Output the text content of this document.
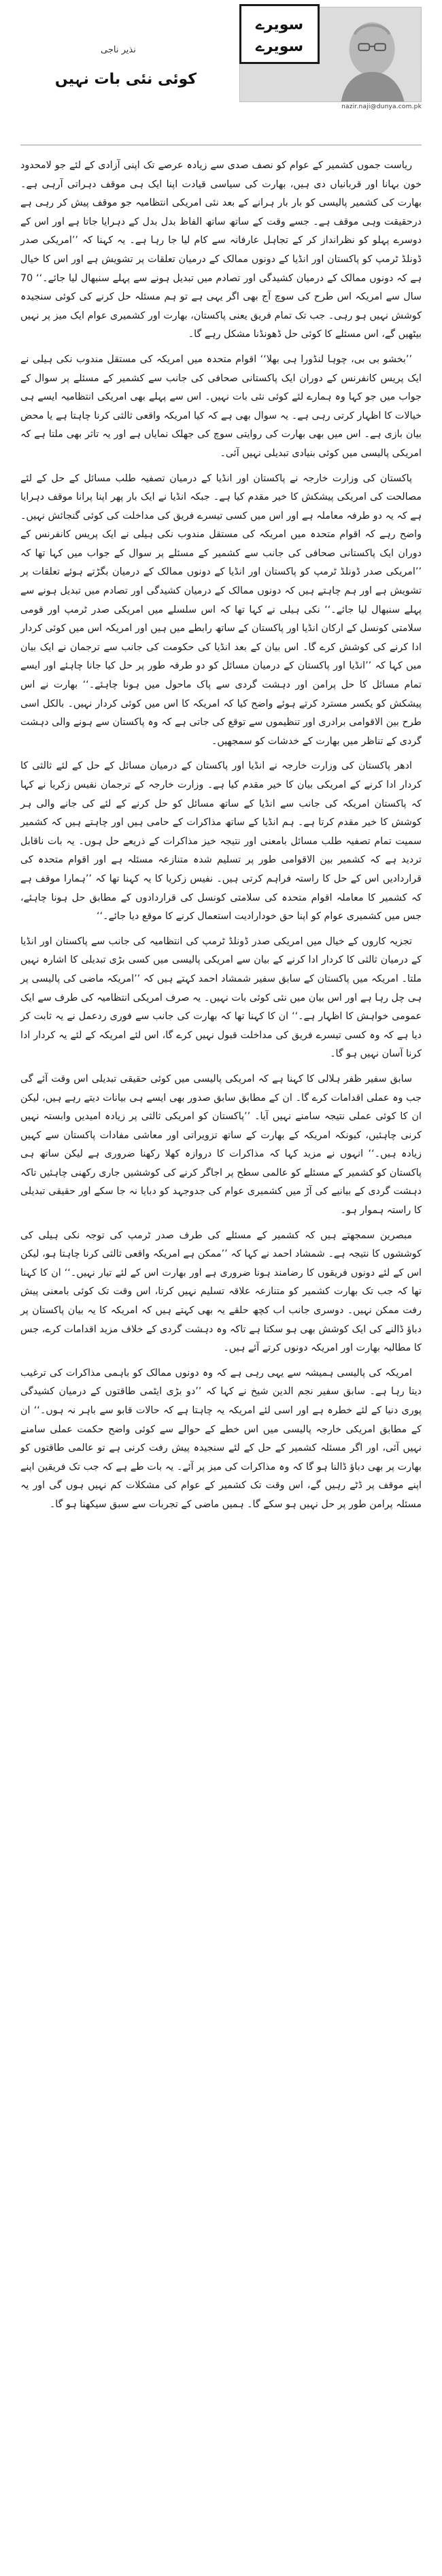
سویرے
سویرے
nazir.naji@dunya.com.pk
نذیر ناجی
کوئی نئی بات نہیں

ریاست جموں کشمیر کے عوام کو نصف صدی سے زیادہ عرصے تک اپنی آزادی کے لئے جو لامحدود خون بہانا اور قربانیاں دی ہیں، بھارت کی سیاسی قیادت اپنا ایک ہی موقف دہراتی آرہی ہے۔ بھارت کی کشمیر پالیسی کو بار بار ہرانے کے بعد نئی امریکی انتظامیہ جو موقف پیش کر رہی ہے درحقیقت وہی موقف ہے۔ جسے وقت کے ساتھ ساتھ الفاظ بدل بدل کے دہرایا جاتا ہے اور اس کے دوسرے پہلو کو نظرانداز کر کے تجاہل عارفانہ سے کام لیا جا رہا ہے۔ یہ کہنا کہ ’’امریکی صدر ڈونلڈ ٹرمپ کو پاکستان اور انڈیا کے دونوں ممالک کے درمیان تعلقات پر تشویش ہے اور اس کا خیال ہے کہ دونوں ممالک کے درمیان کشیدگی اور تصادم میں تبدیل ہونے سے پہلے سنبھال لیا جائے۔‘‘ 70 سال سے امریکہ اس طرح کی سوچ آج بھی اگر یہی ہے تو ہم مسئلہ حل کرنے کی کوئی سنجیدہ کوشش نہیں ہو رہی۔ جب تک تمام فریق یعنی پاکستان، بھارت اور کشمیری عوام ایک میز پر نہیں بیٹھیں گے، اس مسئلے کا کوئی حل ڈھونڈنا مشکل رہے گا۔

’’بخشو بی بی، چوہا لنڈورا ہی بھلا‘‘ اقوام متحدہ میں امریکہ کی مستقل مندوب نکی ہیلی نے ایک پریس کانفرنس کے دوران ایک پاکستانی صحافی کی جانب سے کشمیر کے مسئلے پر سوال کے جواب میں جو کہا وہ ہمارے لئے کوئی نئی بات نہیں۔ اس سے پہلے بھی امریکی انتظامیہ ایسے ہی خیالات کا اظہار کرتی رہی ہے۔ یہ سوال بھی ہے کہ کیا امریکہ واقعی ثالثی کرنا چاہتا ہے یا محض بیان بازی ہے۔ اس میں بھی بھارت کی روایتی سوچ کی جھلک نمایاں ہے اور یہ تاثر بھی ملتا ہے کہ امریکی پالیسی میں کوئی بنیادی تبدیلی نہیں آئی۔

پاکستان کی وزارت خارجہ نے پاکستان اور انڈیا کے درمیان تصفیہ طلب مسائل کے حل کے لئے مصالحت کی امریکی پیشکش کا خیر مقدم کیا ہے۔ جبکہ انڈیا نے ایک بار پھر اپنا پرانا موقف دہرایا ہے کہ یہ دو طرفہ معاملہ ہے اور اس میں کسی تیسرے فریق کی مداخلت کی کوئی گنجائش نہیں۔ واضح رہے کہ اقوام متحدہ میں امریکہ کی مستقل مندوب نکی ہیلی نے ایک پریس کانفرنس کے دوران ایک پاکستانی صحافی کی جانب سے کشمیر کے مسئلے پر سوال کے جواب میں کہا تھا کہ ’’امریکی صدر ڈونلڈ ٹرمپ کو پاکستان اور انڈیا کے دونوں ممالک کے درمیان بگڑتے ہوئے تعلقات پر تشویش ہے اور ہم چاہتے ہیں کہ دونوں ممالک کے درمیان کشیدگی اور تصادم میں تبدیل ہونے سے پہلے سنبھال لیا جائے۔‘‘ نکی ہیلی نے کہا تھا کہ اس سلسلے میں امریکی صدر ٹرمپ اور قومی سلامتی کونسل کے ارکان انڈیا اور پاکستان کے ساتھ رابطے میں ہیں اور امریکہ اس میں کوئی کردار ادا کرنے کی کوشش کرے گا۔ اس بیان کے بعد انڈیا کی حکومت کی جانب سے ترجمان نے ایک بیان میں کہا کہ ’’انڈیا اور پاکستان کے درمیان مسائل کو دو طرفہ طور پر حل کیا جانا چاہئے اور ایسے تمام مسائل کا حل پرامن اور دہشت گردی سے پاک ماحول میں ہونا چاہئے۔‘‘ بھارت نے اس پیشکش کو یکسر مسترد کرتے ہوئے واضح کیا کہ امریکہ کا اس میں کوئی کردار نہیں۔ بالکل اسی طرح بین الاقوامی برادری اور تنظیموں سے توقع کی جاتی ہے کہ وہ پاکستان سے ہونے والی دہشت گردی کے تناظر میں بھارت کے خدشات کو سمجھیں۔

ادھر پاکستان کی وزارت خارجہ نے انڈیا اور پاکستان کے درمیان مسائل کے حل کے لئے ثالثی کا کردار ادا کرنے کے امریکی بیان کا خیر مقدم کیا ہے۔ وزارت خارجہ کے ترجمان نفیس زکریا نے کہا کہ پاکستان امریکہ کی جانب سے انڈیا کے ساتھ مسائل کو حل کرنے کے لئے کی جانے والی ہر کوشش کا خیر مقدم کرتا ہے۔ ہم انڈیا کے ساتھ مذاکرات کے حامی ہیں اور چاہتے ہیں کہ کشمیر سمیت تمام تصفیہ طلب مسائل بامعنی اور نتیجہ خیز مذاکرات کے ذریعے حل ہوں۔ یہ بات ناقابل تردید ہے کہ کشمیر بین الاقوامی طور پر تسلیم شدہ متنازعہ مسئلہ ہے اور اقوام متحدہ کی قراردادیں اس کے حل کا راستہ فراہم کرتی ہیں۔ نفیس زکریا کا یہ کہنا تھا کہ ’’ہمارا موقف ہے کہ کشمیر کا معاملہ اقوام متحدہ کی سلامتی کونسل کی قراردادوں کے مطابق حل ہونا چاہئے، جس میں کشمیری عوام کو اپنا حق خودارادیت استعمال کرنے کا موقع دیا جائے۔‘‘

تجزیہ کاروں کے خیال میں امریکی صدر ڈونلڈ ٹرمپ کی انتظامیہ کی جانب سے پاکستان اور انڈیا کے درمیان ثالثی کا کردار ادا کرنے کے بیان سے امریکی پالیسی میں کسی بڑی تبدیلی کا اشارہ نہیں ملتا۔ امریکہ میں پاکستان کے سابق سفیر شمشاد احمد کہتے ہیں کہ ’’امریکہ ماضی کی پالیسی پر ہی چل رہا ہے اور اس بیان میں نئی کوئی بات نہیں۔ یہ صرف امریکی انتظامیہ کی طرف سے ایک عمومی خواہش کا اظہار ہے۔‘‘ ان کا کہنا تھا کہ بھارت کی جانب سے فوری ردعمل نے یہ ثابت کر دیا ہے کہ وہ کسی تیسرے فریق کی مداخلت قبول نہیں کرے گا، اس لئے امریکہ کے لئے یہ کردار ادا کرنا آسان نہیں ہو گا۔

سابق سفیر ظفر ہلالی کا کہنا ہے کہ امریکی پالیسی میں کوئی حقیقی تبدیلی اس وقت آئے گی جب وہ عملی اقدامات کرے گا۔ ان کے مطابق سابق صدور بھی ایسے ہی بیانات دیتے رہے ہیں، لیکن ان کا کوئی عملی نتیجہ سامنے نہیں آیا۔ ’’پاکستان کو امریکی ثالثی پر زیادہ امیدیں وابستہ نہیں کرنی چاہئیں، کیونکہ امریکہ کے بھارت کے ساتھ تزویراتی اور معاشی مفادات پاکستان سے کہیں زیادہ ہیں۔‘‘ انہوں نے مزید کہا کہ مذاکرات کا دروازہ کھلا رکھنا ضروری ہے لیکن ساتھ ہی پاکستان کو کشمیر کے مسئلے کو عالمی سطح پر اجاگر کرنے کی کوششیں جاری رکھنی چاہئیں تاکہ دہشت گردی کے بیانیے کی آڑ میں کشمیری عوام کی جدوجہد کو دبایا نہ جا سکے اور حقیقی تبدیلی کا راستہ ہموار ہو۔

مبصرین سمجھتے ہیں کہ کشمیر کے مسئلے کی طرف صدر ٹرمپ کی توجہ نکی ہیلی کی کوششوں کا نتیجہ ہے۔ شمشاد احمد نے کہا کہ ’’ممکن ہے امریکہ واقعی ثالثی کرنا چاہتا ہو، لیکن اس کے لئے دونوں فریقوں کا رضامند ہونا ضروری ہے اور بھارت اس کے لئے تیار نہیں۔‘‘ ان کا کہنا تھا کہ جب تک بھارت کشمیر کو متنازعہ علاقہ تسلیم نہیں کرتا، اس وقت تک کوئی بامعنی پیش رفت ممکن نہیں۔ دوسری جانب اب کچھ حلقے یہ بھی کہتے ہیں کہ امریکہ کا یہ بیان پاکستان پر دباؤ ڈالنے کی ایک کوشش بھی ہو سکتا ہے تاکہ وہ دہشت گردی کے خلاف مزید اقدامات کرے، جس کا مطالبہ بھارت اور امریکہ دونوں کرتے آئے ہیں۔

امریکہ کی پالیسی ہمیشہ سے یہی رہی ہے کہ وہ دونوں ممالک کو باہمی مذاکرات کی ترغیب دیتا رہا ہے۔ سابق سفیر نجم الدین شیخ نے کہا کہ ’’دو بڑی ایٹمی طاقتوں کے درمیان کشیدگی پوری دنیا کے لئے خطرہ ہے اور اسی لئے امریکہ یہ چاہتا ہے کہ حالات قابو سے باہر نہ ہوں۔‘‘ ان کے مطابق امریکی خارجہ پالیسی میں اس خطے کے حوالے سے کوئی واضح حکمت عملی سامنے نہیں آئی، اور اگر مسئلہ کشمیر کے حل کے لئے سنجیدہ پیش رفت کرنی ہے تو عالمی طاقتوں کو بھارت پر بھی دباؤ ڈالنا ہو گا کہ وہ مذاکرات کی میز پر آئے۔ یہ بات طے ہے کہ جب تک فریقین اپنے اپنے موقف پر ڈٹے رہیں گے، اس وقت تک کشمیر کے عوام کی مشکلات کم نہیں ہوں گی اور یہ مسئلہ پرامن طور پر حل نہیں ہو سکے گا۔ ہمیں ماضی کے تجربات سے سبق سیکھنا ہو گا۔
